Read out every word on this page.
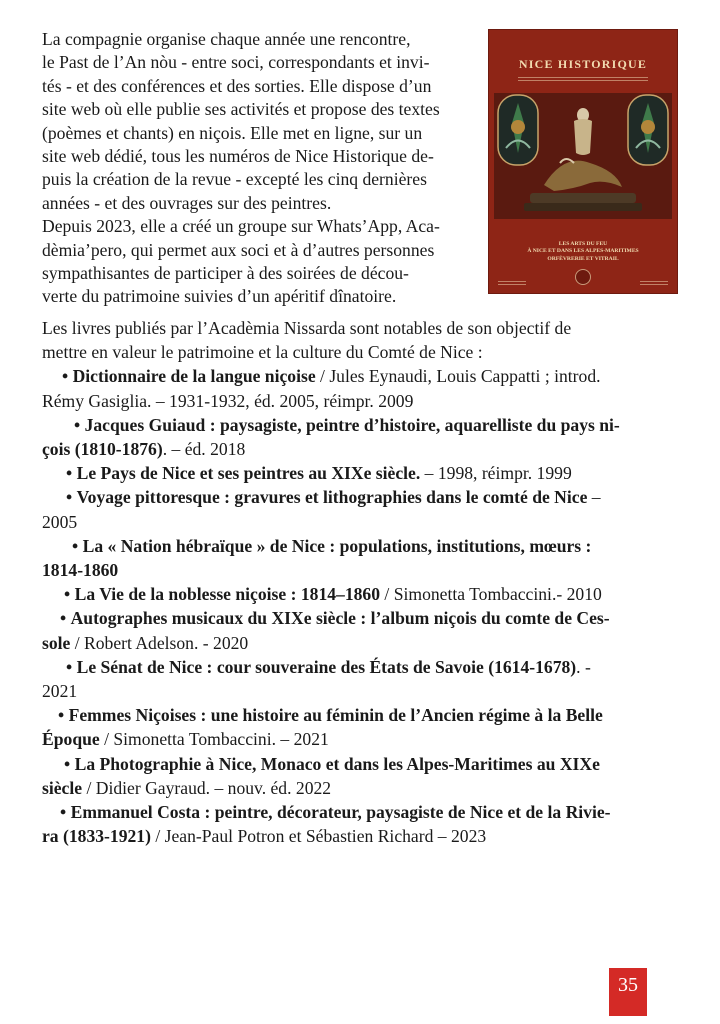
La compagnie organise chaque année une rencontre,
le Past de l’An nòu - entre soci, correspondants et invi-
tés - et des conférences et des sorties. Elle dispose d’un
site web où elle publie ses activités et propose des textes
(poèmes et chants) en niçois. Elle met en ligne, sur un
site web dédié, tous les numéros de Nice Historique de-
puis la création de la revue - excepté les cinq dernières
années - et des ouvrages sur des peintres.
Depuis 2023, elle a créé un groupe sur Whats’App, Aca-
dèmia’pero, qui permet aux soci et à d’autres personnes
sympathisantes de participer à des soirées de décou-
verte du patrimoine suivies d’un apéritif dînatoire.

NICE HISTORIQUE
LES ARTS DU FEU
À NICE ET DANS LES ALPES-MARITIMES
ORFÈVRERIE ET VITRAIL
Les livres publiés par l’Acadèmia Nissarda sont notables de son objectif de
mettre en valeur le patrimoine et la culture du Comté de Nice :
• Dictionnaire de la langue niçoise / Jules Eynaudi, Louis Cappatti ; introd.
Rémy Gasiglia. – 1931-1932, éd. 2005, réimpr. 2009
• Jacques Guiaud : paysagiste, peintre d’histoire, aquarelliste du pays ni-
çois (1810-1876). – éd. 2018
• Le Pays de Nice et ses peintres au XIXe siècle. – 1998, réimpr. 1999
• Voyage pittoresque : gravures et lithographies dans le comté de Nice –
2005
• La « Nation hébraïque » de Nice : populations, institutions, mœurs :
1814-1860
• La Vie de la noblesse niçoise : 1814–1860 / Simonetta Tombaccini.- 2010
• Autographes musicaux du XIXe siècle : l’album niçois du comte de Ces-
sole / Robert Adelson. - 2020
• Le Sénat de Nice : cour souveraine des États de Savoie (1614-1678). -
2021
• Femmes Niçoises : une histoire au féminin de l’Ancien régime à la Belle
Époque / Simonetta Tombaccini. – 2021
• La Photographie à Nice, Monaco et dans les Alpes-Maritimes au XIXe
siècle / Didier Gayraud. – nouv. éd. 2022
• Emmanuel Costa : peintre, décorateur, paysagiste de Nice et de la Rivie-
ra (1833-1921) / Jean-Paul Potron et Sébastien Richard – 2023
35
